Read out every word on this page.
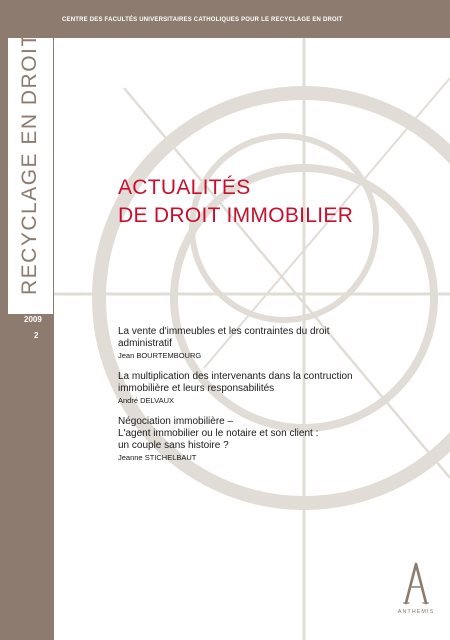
CENTRE DES FACULTÉS UNIVERSITAIRES CATHOLIQUES POUR LE RECYCLAGE EN DROIT

RECYCLAGE EN DROIT
2009
2
ACTUALITÉS
DE DROIT IMMOBILIER
La vente d'immeubles et les contraintes du droit
administratif
Jean BOURTEMBOURG
La multiplication des intervenants dans la contruction
immobilière et leurs responsabilités
André DELVAUX
Négociation immobilière –
L'agent immobilier ou le notaire et son client :
un couple sans histoire ?
Jeanne STICHELBAUT
ANTHEMIS
